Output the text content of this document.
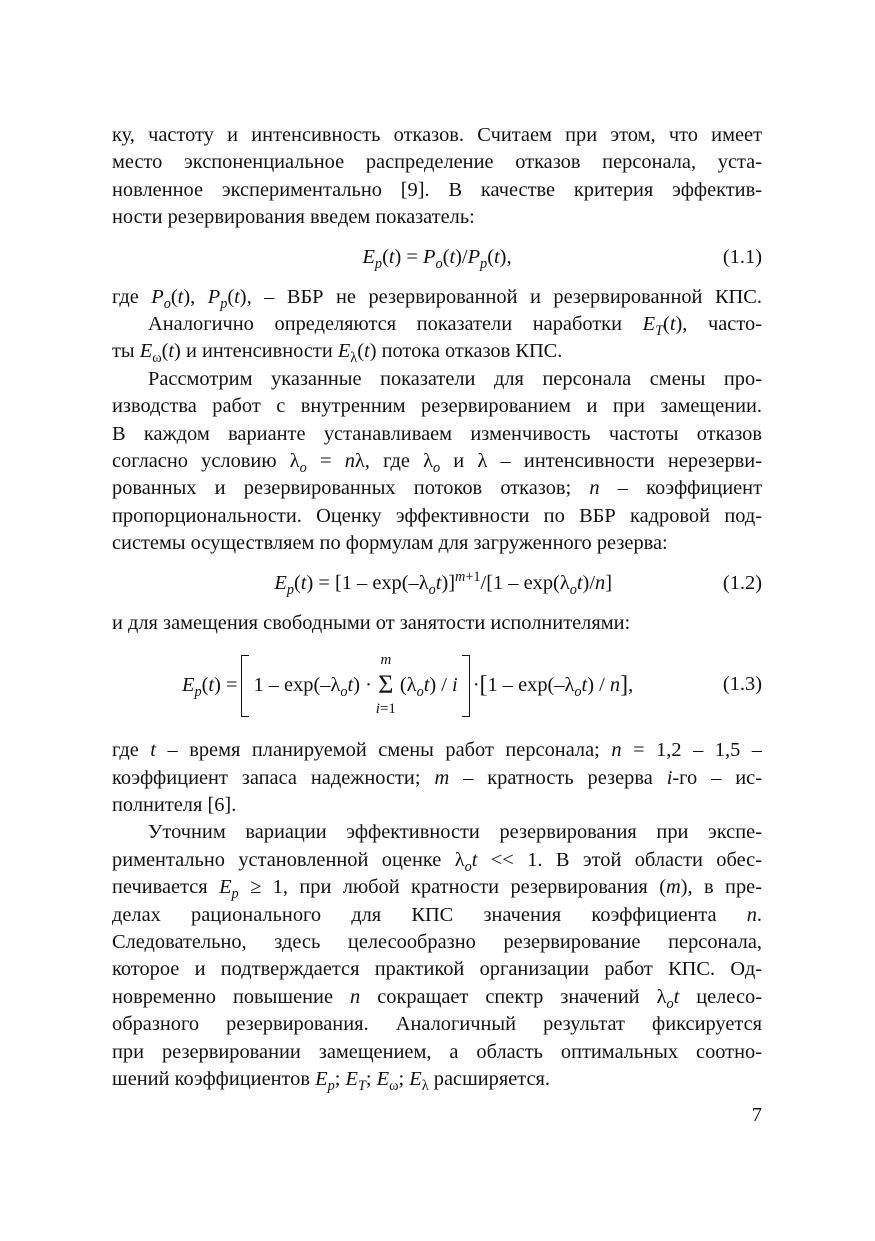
ку, частоту и интенсивность отказов. Считаем при этом, что имеет
место экспоненциальное распределение отказов персонала, уста-
новленное экспериментально [9]. В качестве критерия эффектив-
ности резервирования введем показатель:

$E_p(t) = P_o(t)/P_p(t)$,	(1.1)

где $P_o(t)$, $P_p(t)$, – ВБР не резервированной и резервированной КПС.

Аналогично определяются показатели наработки $E_T(t)$, часто-
ты $E_\omega(t)$ и интенсивности $E_\lambda(t)$ потока отказов КПС.

Рассмотрим указанные показатели для персонала смены про-
изводства работ с внутренним резервированием и при замещении.
В каждом варианте устанавливаем изменчивость частоты отказов
согласно условию $\lambda_o = n\lambda$, где $\lambda_o$ и λ – интенсивности нерезерви-
рованных и резервированных потоков отказов; n – коэффициент
пропорциональности. Оценку эффективности по ВБР кадровой под-
системы осуществляем по формулам для загруженного резерва:

$E_p(t) = [1 - \exp(-\lambda_ot)]^{m+1}/[1 - \exp(\lambda_ot)/n]$	(1.2)

и для замещения свободными от занятости исполнителями:

$E_p(t) = 1 - \exp(-\lambda_ot)$ ·
m
Σ
i=1
$(\lambda_ot)$ / i · [ $1 - \exp(-\lambda_ot)$ / n ] ,	(1.3)

где t – время планируемой смены работ персонала; n = 1,2 – 1,5 –
коэффициент запаса надежности; m – кратность резерва i-го – ис-
полнителя [6].

Уточним вариации эффективности резервирования при экспе-
риментально установленной оценке $\lambda_ot << 1$. В этой области обес-
печивается $E_p \ge 1$, при любой кратности резервирования (m), в пре-
делах рационального для КПС значения коэффициента n.
Следовательно, здесь целесообразно резервирование персонала,
которое и подтверждается практикой организации работ КПС. Од-
новременно повышение n сокращает спектр значений $\lambda_ot$ целесо-
образного резервирования. Аналогичный результат фиксируется
при резервировании замещением, а область оптимальных соотно-
шений коэффициентов $E_p$; $E_T$; $E_\omega$; $E_\lambda$ расширяется.

7
